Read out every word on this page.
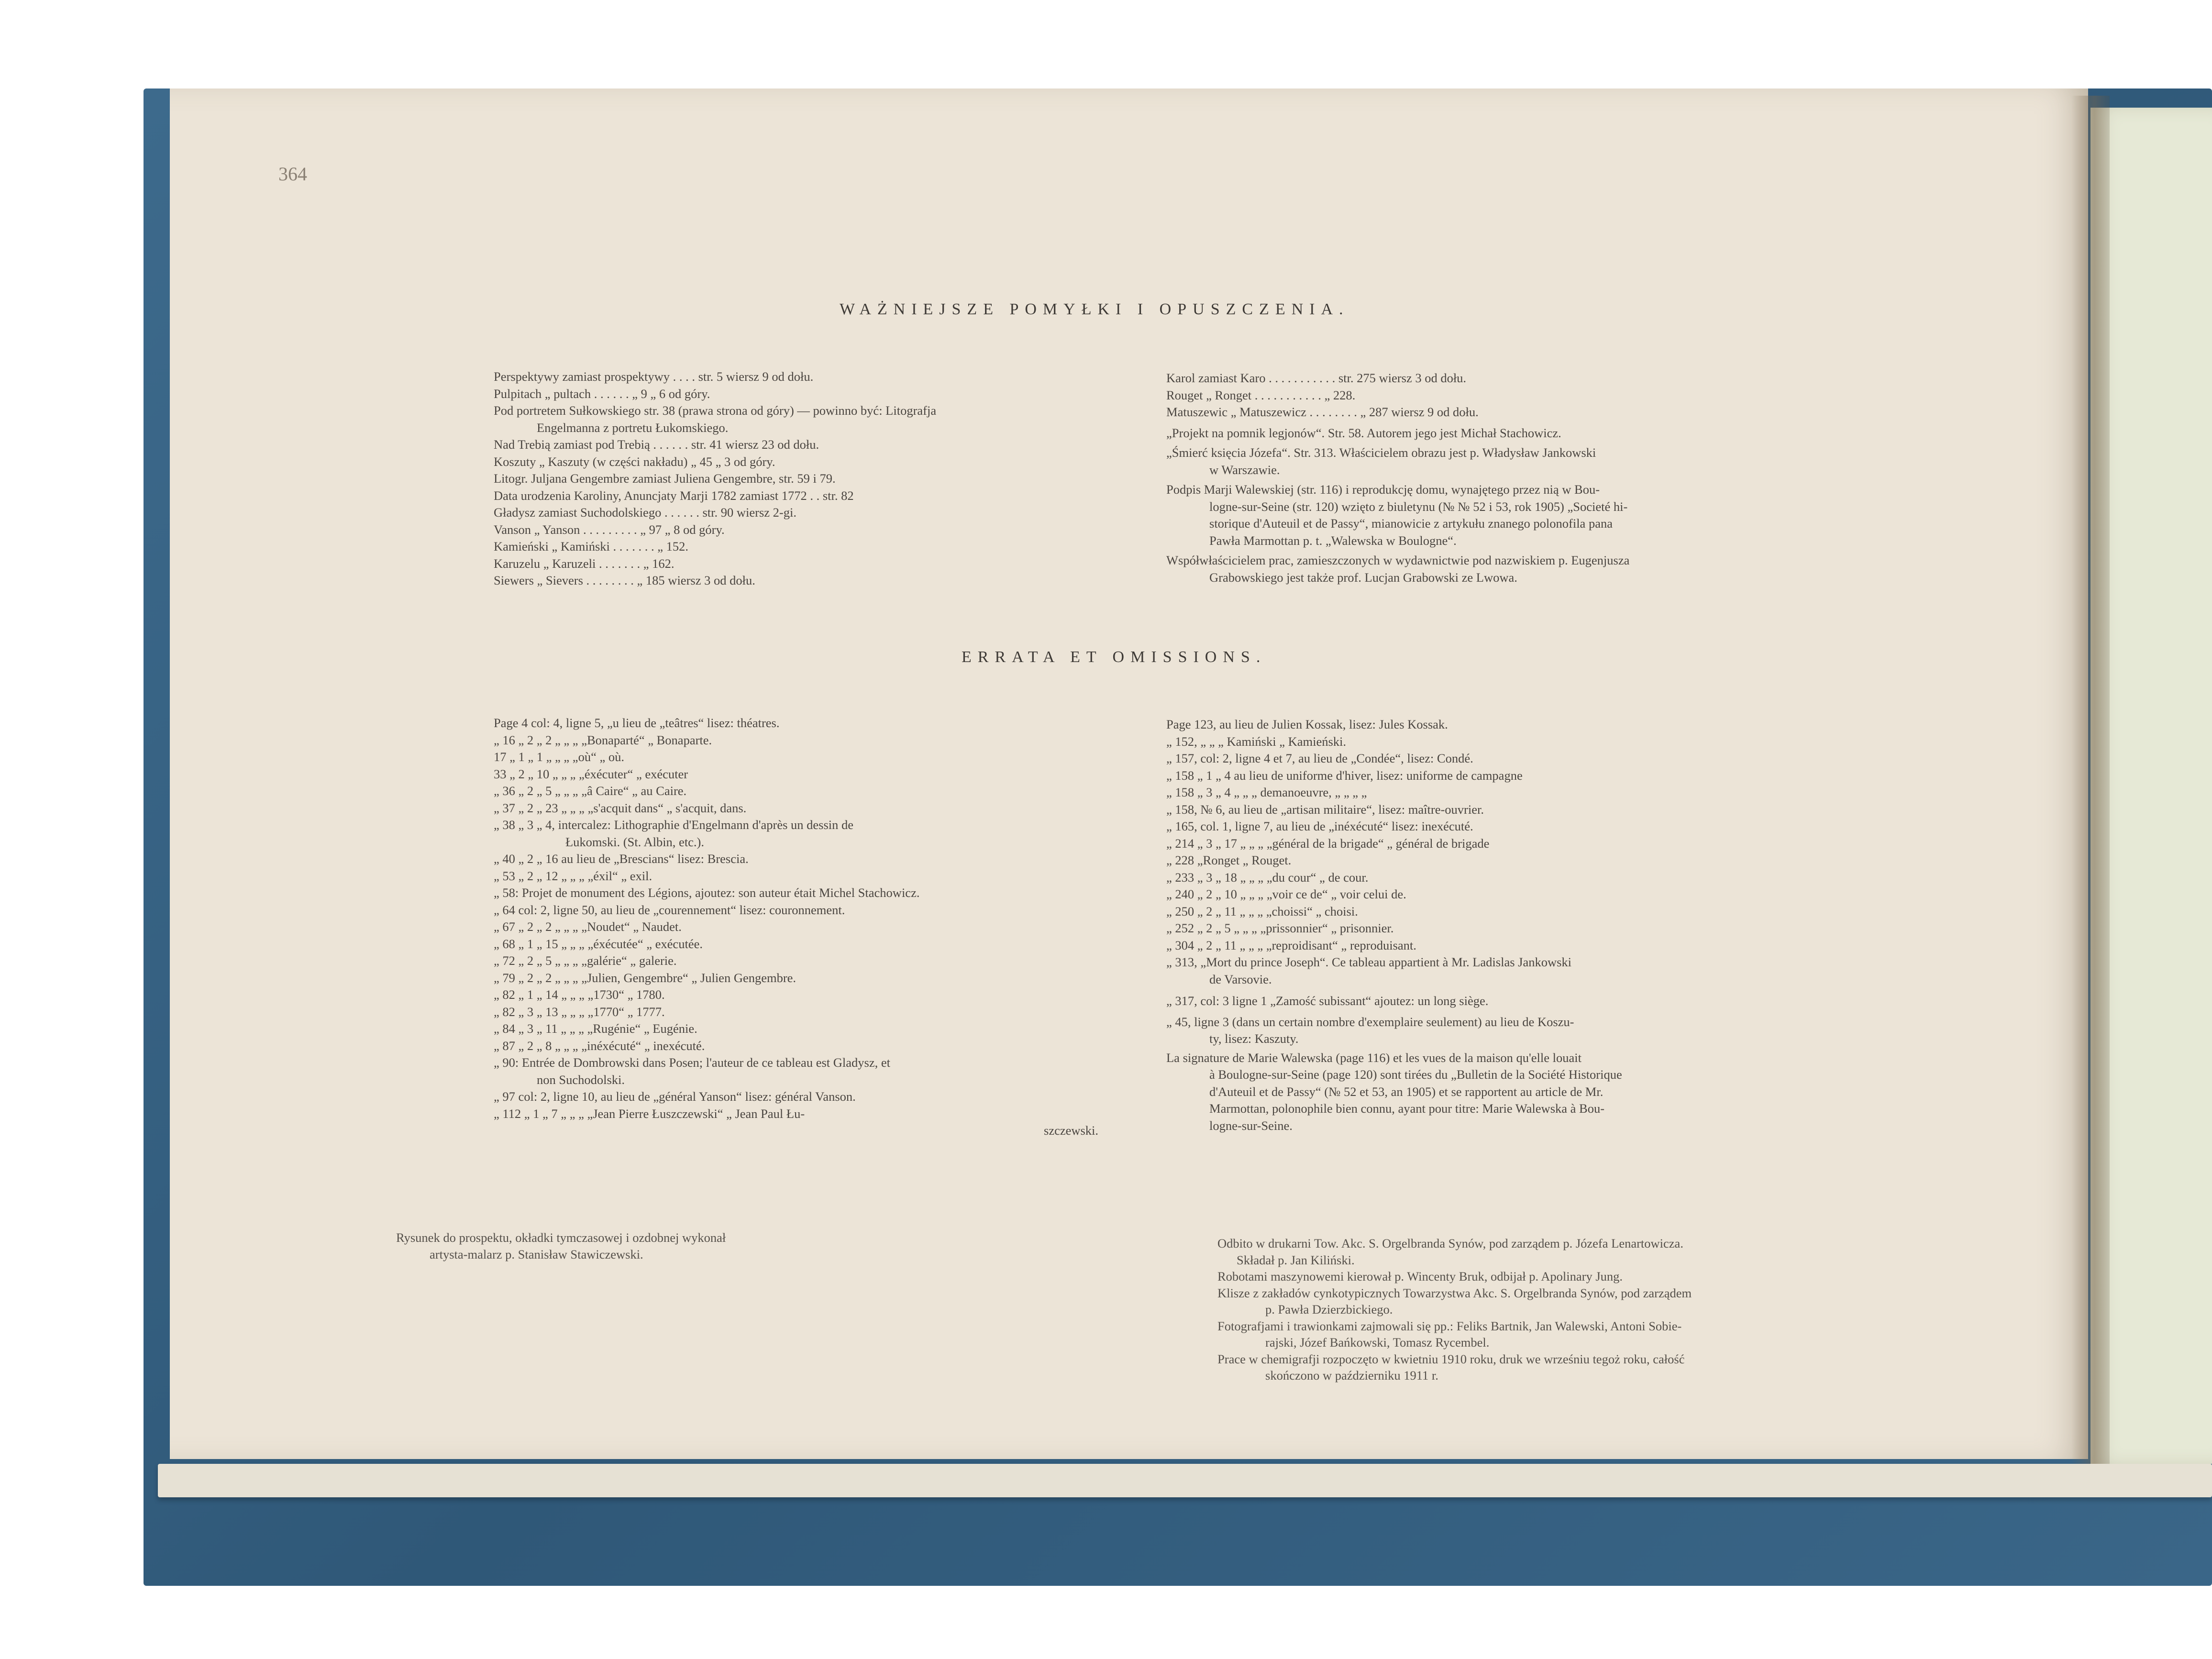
364
WAŻNIEJSZE POMYŁKI I OPUSZCZENIA.
Perspektywy zamiast prospektywy . . . . str. 5 wiersz 9 od dołu.
Pulpitach „ pultach . . . . . . „ 9 „ 6 od góry.
Pod portretem Sułkowskiego str. 38 (prawa strona od góry) — powinno być: Litografja
Engelmanna z portretu Łukomskiego.
Nad Trebią zamiast pod Trebią . . . . . . str. 41 wiersz 23 od dołu.
Koszuty „ Kaszuty (w części nakładu) „ 45 „ 3 od góry.
Litogr. Juljana Gengembre zamiast Juliena Gengembre, str. 59 i 79.
Data urodzenia Karoliny, Anuncjaty Marji 1782 zamiast 1772 . . str. 82
Gładysz zamiast Suchodolskiego . . . . . . str. 90 wiersz 2-gi.
Vanson „ Yanson . . . . . . . . . „ 97 „ 8 od góry.
Kamieński „ Kamiński . . . . . . . „ 152.
Karuzelu „ Karuzeli . . . . . . . „ 162.
Siewers „ Sievers . . . . . . . . „ 185 wiersz 3 od dołu.
Karol zamiast Karo . . . . . . . . . . . str. 275 wiersz 3 od dołu.
Rouget „ Ronget . . . . . . . . . . . „ 228.
Matuszewic „ Matuszewicz . . . . . . . . „ 287 wiersz 9 od dołu.
„Projekt na pomnik legjonów“. Str. 58. Autorem jego jest Michał Stachowicz.
„Śmierć księcia Józefa“. Str. 313. Właścicielem obrazu jest p. Władysław Jankowski
w Warszawie.
Podpis Marji Walewskiej (str. 116) i reprodukcję domu, wynajętego przez nią w Bou-
logne-sur-Seine (str. 120) wzięto z biuletynu (№ № 52 i 53, rok 1905) „Societé hi-
storique d'Auteuil et de Passy“, mianowicie z artykułu znanego polonofila pana
Pawła Marmottan p. t. „Walewska w Boulogne“.
Współwłaścicielem prac, zamieszczonych w wydawnictwie pod nazwiskiem p. Eugenjusza
Grabowskiego jest także prof. Lucjan Grabowski ze Lwowa.
ERRATA ET OMISSIONS.
Page 4 col: 4, ligne 5, „u lieu de „teâtres“ lisez: théatres.
„ 16 „ 2 „ 2 „ „ „ „Bonaparté“ „ Bonaparte.
17 „ 1 „ 1 „ „ „ „où“ „ où.
33 „ 2 „ 10 „ „ „ „éxécuter“ „ exécuter
„ 36 „ 2 „ 5 „ „ „ „â Caire“ „ au Caire.
„ 37 „ 2 „ 23 „ „ „ „s'acquit dans“ „ s'acquit, dans.
„ 38 „ 3 „ 4, intercalez: Lithographie d'Engelmann d'après un dessin de
Łukomski. (St. Albin, etc.).
„ 40 „ 2 „ 16 au lieu de „Brescians“ lisez: Brescia.
„ 53 „ 2 „ 12 „ „ „ „éxil“ „ exil.
„ 58: Projet de monument des Légions, ajoutez: son auteur était Michel Stachowicz.
„ 64 col: 2, ligne 50, au lieu de „courennement“ lisez: couronnement.
„ 67 „ 2 „ 2 „ „ „ „Noudet“ „ Naudet.
„ 68 „ 1 „ 15 „ „ „ „éxécutée“ „ exécutée.
„ 72 „ 2 „ 5 „ „ „ „galérie“ „ galerie.
„ 79 „ 2 „ 2 „ „ „ „Julien, Gengembre“ „ Julien Gengembre.
„ 82 „ 1 „ 14 „ „ „ „1730“ „ 1780.
„ 82 „ 3 „ 13 „ „ „ „1770“ „ 1777.
„ 84 „ 3 „ 11 „ „ „ „Rugénie“ „ Eugénie.
„ 87 „ 2 „ 8 „ „ „ „inéxécuté“ „ inexécuté.
„ 90: Entrée de Dombrowski dans Posen; l'auteur de ce tableau est Gladysz, et
non Suchodolski.
„ 97 col: 2, ligne 10, au lieu de „général Yanson“ lisez: général Vanson.
„ 112 „ 1 „ 7 „ „ „ „Jean Pierre Łuszczewski“ „ Jean Paul Łu-
szczewski.
Page 123, au lieu de Julien Kossak, lisez: Jules Kossak.
„ 152, „ „ „ Kamiński „ Kamieński.
„ 157, col: 2, ligne 4 et 7, au lieu de „Condée“, lisez: Condé.
„ 158 „ 1 „ 4 au lieu de uniforme d'hiver, lisez: uniforme de campagne
„ 158 „ 3 „ 4 „ „ „ demanoeuvre, „ „ „ „
„ 158, № 6, au lieu de „artisan militaire“, lisez: maître-ouvrier.
„ 165, col. 1, ligne 7, au lieu de „inéxécuté“ lisez: inexécuté.
„ 214 „ 3 „ 17 „ „ „ „général de la brigade“ „ général de brigade
„ 228 „Ronget „ Rouget.
„ 233 „ 3 „ 18 „ „ „ „du cour“ „ de cour.
„ 240 „ 2 „ 10 „ „ „ „voir ce de“ „ voir celui de.
„ 250 „ 2 „ 11 „ „ „ „choissi“ „ choisi.
„ 252 „ 2 „ 5 „ „ „ „prissonnier“ „ prisonnier.
„ 304 „ 2 „ 11 „ „ „ „reproidisant“ „ reproduisant.
„ 313, „Mort du prince Joseph“. Ce tableau appartient à Mr. Ladislas Jankowski
de Varsovie.
„ 317, col: 3 ligne 1 „Zamość subissant“ ajoutez: un long siège.
„ 45, ligne 3 (dans un certain nombre d'exemplaire seulement) au lieu de Koszu-
ty, lisez: Kaszuty.
La signature de Marie Walewska (page 116) et les vues de la maison qu'elle louait
à Boulogne-sur-Seine (page 120) sont tirées du „Bulletin de la Société Historique
d'Auteuil et de Passy“ (№ 52 et 53, an 1905) et se rapportent au article de Mr.
Marmottan, polonophile bien connu, ayant pour titre: Marie Walewska à Bou-
logne-sur-Seine.
Rysunek do prospektu, okładki tymczasowej i ozdobnej wykonał
artysta-malarz p. Stanisław Stawiczewski.
Odbito w drukarni Tow. Akc. S. Orgelbranda Synów, pod zarządem p. Józefa Lenartowicza.
Składał p. Jan Kiliński.
Robotami maszynowemi kierował p. Wincenty Bruk, odbijał p. Apolinary Jung.
Klisze z zakładów cynkotypicznych Towarzystwa Akc. S. Orgelbranda Synów, pod zarządem
p. Pawła Dzierzbickiego.
Fotografjami i trawionkami zajmowali się pp.: Feliks Bartnik, Jan Walewski, Antoni Sobie-
rajski, Józef Bańkowski, Tomasz Rycembel.
Prace w chemigrafji rozpoczęto w kwietniu 1910 roku, druk we wrześniu tegoż roku, całość
skończono w październiku 1911 r.
